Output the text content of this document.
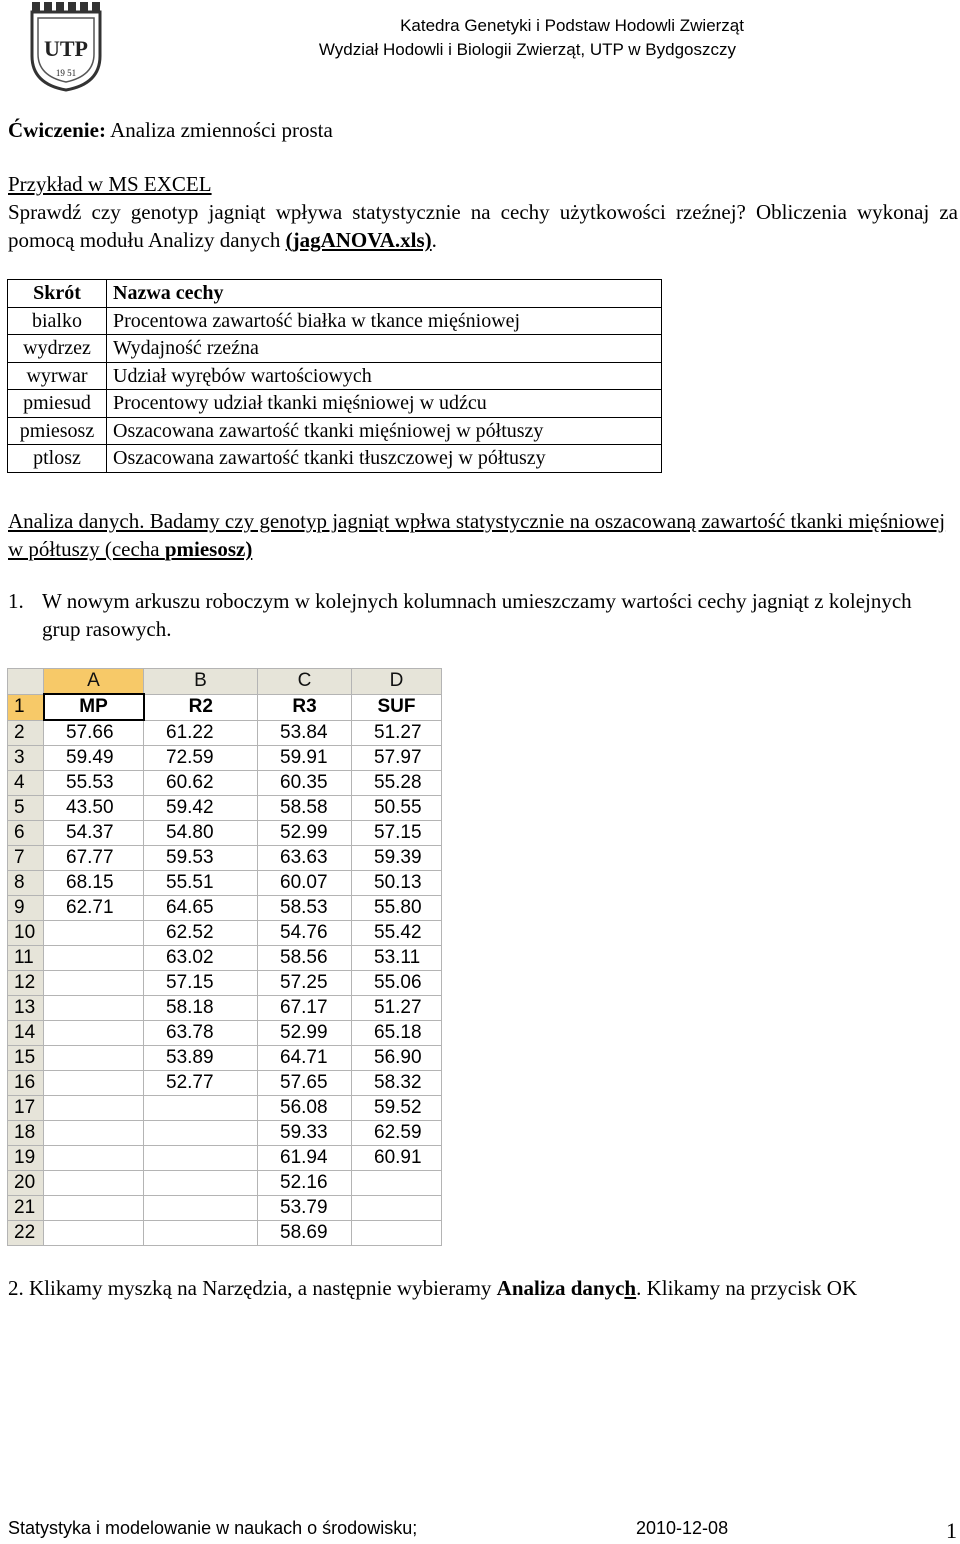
UTP
19 51
Katedra Genetyki i Podstaw Hodowli Zwierząt
Wydział Hodowli i Biologii Zwierząt, UTP w Bydgoszczy
Ćwiczenie: Analiza zmienności prosta
Przykład w MS EXCEL
Sprawdź czy genotyp jagniąt wpływa statystycznie na cechy użytkowości rzeźnej? Obliczenia wykonaj za pomocą modułu Analizy danych (jagANOVA.xls).
Skrót	Nazwa cechy
bialko	Procentowa zawartość białka w tkance mięśniowej
wydrzez	Wydajność rzeźna
wyrwar	Udział wyrębów wartościowych
pmiesud	Procentowy udział tkanki mięśniowej w udźcu
pmiesosz	Oszacowana zawartość tkanki mięśniowej w półtuszy
ptlosz	Oszacowana zawartość tkanki tłuszczowej w półtuszy
Analiza danych. Badamy czy genotyp jagniąt wpłwa statystycznie na oszacowaną zawartość tkanki mięśniowej w półtuszy (cecha pmiesosz)
1. W nowym arkuszu roboczym w kolejnych kolumnach umieszczamy wartości cechy jagniąt z kolejnych grup rasowych.
	A	B	C	D
1	MP	R2	R3	SUF
2	57.66	61.22	53.84	51.27
3	59.49	72.59	59.91	57.97
4	55.53	60.62	60.35	55.28
5	43.50	59.42	58.58	50.55
6	54.37	54.80	52.99	57.15
7	67.77	59.53	63.63	59.39
8	68.15	55.51	60.07	50.13
9	62.71	64.65	58.53	55.80
10		62.52	54.76	55.42
11		63.02	58.56	53.11
12		57.15	57.25	55.06
13		58.18	67.17	51.27
14		63.78	52.99	65.18
15		53.89	64.71	56.90
16		52.77	57.65	58.32
17			56.08	59.52
18			59.33	62.59
19			61.94	60.91
20			52.16	
21			53.79	
22			58.69	
2. Klikamy myszką na Narzędzia, a następnie wybieramy Analiza danych. Klikamy na przycisk OK
Statystyka i modelowanie w naukach o środowisku;	2010-12-08	1
